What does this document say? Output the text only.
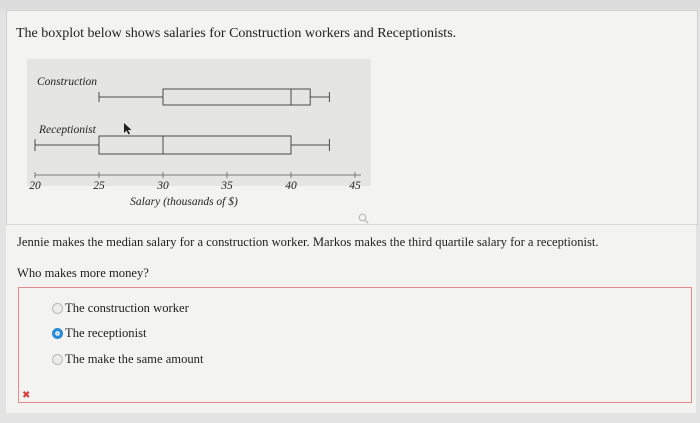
The boxplot below shows salaries for Construction workers and Receptionists.
Construction
Receptionist
20	25	30	35	40	45
Salary (thousands of $)
Jennie makes the median salary for a construction worker. Markos makes the third quartile salary for a receptionist.
Who makes more money?
The construction worker
The receptionist
The make the same amount
✖
